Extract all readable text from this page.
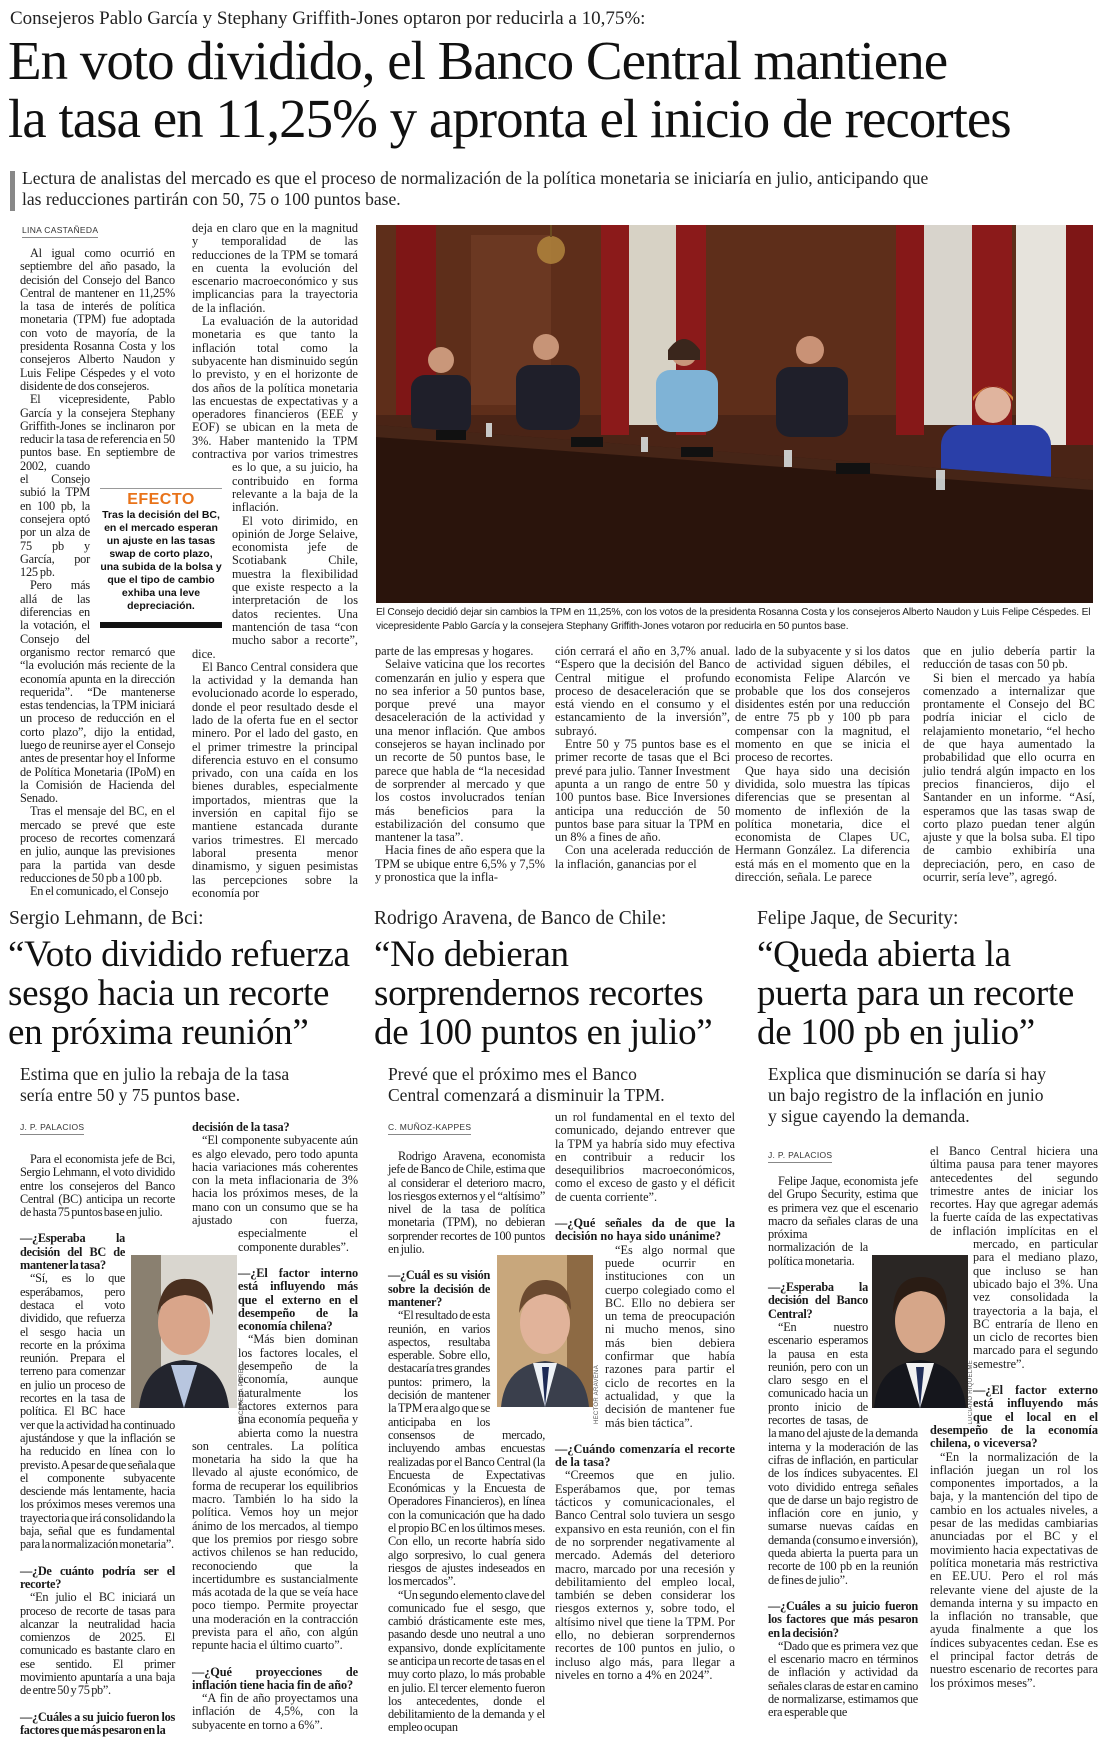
Consejeros Pablo García y Stephany Griffith-Jones optaron por reducirla a 10,75%:
En voto dividido, el Banco Central mantiene
la tasa en 11,25% y apronta el inicio de recortes
Lectura de analistas del mercado es que el proceso de normalización de la política monetaria se iniciaría en julio, anticipando que
las reducciones partirán con 50, 75 o 100 puntos base.
LINA CASTAÑEDA

Al igual como ocurrió en septiembre del año pasado, la decisión del Consejo del Banco Central de mantener en 11,25% la tasa de interés de política monetaria (TPM) fue adoptada con voto de mayoría, de la presidenta Rosanna Costa y los consejeros Alberto Naudon y Luis Felipe Céspedes y el voto disidente de dos consejeros.

El vicepresidente, Pablo García y la consejera Stephany Griffith-Jones se inclinaron por reducir la tasa de referencia en 50 puntos base. En septiembre de 2002, cuando el Consejo subió la TPM en 100 pb, la consejera optó por un alza de 75 pb y García, por 125 pb.

Pero más allá de las diferencias en la votación, el Consejo del organismo rector remarcó que “la evolución más reciente de la economía apunta en la dirección requerida”. “De mantenerse estas tendencias, la TPM iniciará un proceso de reducción en el corto plazo”, dijo la entidad, luego de reunirse ayer el Consejo antes de presentar hoy el Informe de Política Monetaria (IPoM) en la Comisión de Hacienda del Senado.

Tras el mensaje del BC, en el mercado se prevé que este proceso de recortes comenzará en julio, aunque las previsiones para la partida van desde reducciones de 50 pb a 100 pb.

En el comunicado, el Consejo

deja en claro que en la magnitud y temporalidad de las reducciones de la TPM se tomará en cuenta la evolución del escenario macroeconómico y sus implicancias para la trayectoria de la inflación.

La evaluación de la autoridad monetaria es que tanto la inflación total como la subyacente han disminuido según lo previsto, y en el horizonte de dos años de la política monetaria las encuestas de expectativas y a operadores financieros (EEE y EOF) se ubican en la meta de 3%. Haber mantenido la TPM contractiva por varios trimestres es lo que, a su juicio, ha contribuido en forma relevante a la baja de la inflación.

El voto dirimido, en opinión de Jorge Selaive, economista jefe de Scotiabank Chile, muestra la flexibilidad que existe respecto a la interpretación de los datos recientes. Una mantención de tasa “con mucho sabor a recorte”, dice.

El Banco Central considera que la actividad y la demanda han evolucionado acorde lo esperado, donde el peor resultado desde el lado de la oferta fue en el sector minero. Por el lado del gasto, en el primer trimestre la principal diferencia estuvo en el consumo privado, con una caída en los bienes durables, especialmente importados, mientras que la inversión en capital fijo se mantiene estancada durante varios trimestres. El mercado laboral presenta menor dinamismo, y siguen pesimistas las percepciones sobre la economía por

EFECTO
Tras la decisión del BC, en el mercado esperan un ajuste en las tasas swap de corto plazo, una subida de la bolsa y que el tipo de cambio exhiba una leve depreciación.
El Consejo decidió dejar sin cambios la TPM en 11,25%, con los votos de la presidenta Rosanna Costa y los consejeros Alberto Naudon y Luis Felipe Céspedes. El vicepresidente Pablo García y la consejera Stephany Griffith-Jones votaron por reducirla en 50 puntos base.

parte de las empresas y hogares.

Selaive vaticina que los recortes comenzarán en julio y espera que no sea inferior a 50 puntos base, porque prevé una mayor desaceleración de la actividad y una menor inflación. Que ambos consejeros se hayan inclinado por un recorte de 50 puntos base, le parece que habla de “la necesidad de sorprender al mercado y que los costos involucrados tenían más beneficios para la estabilización del consumo que mantener la tasa”.

Hacia fines de año espera que la TPM se ubique entre 6,5% y 7,5% y pronostica que la infla-

ción cerrará el año en 3,7% anual. “Espero que la decisión del Banco Central mitigue el profundo proceso de desaceleración que se está viendo en el consumo y el estancamiento de la inversión”, subrayó.

Entre 50 y 75 puntos base es el primer recorte de tasas que el Bci prevé para julio. Tanner Investment apunta a un rango de entre 50 y 100 puntos base. Bice Inversiones anticipa una reducción de 50 puntos base para situar la TPM en un 8% a fines de año.

Con una acelerada reducción de la inflación, ganancias por el

lado de la subyacente y si los datos de actividad siguen débiles, el economista Felipe Alarcón ve probable que los dos consejeros disidentes estén por una reducción de entre 75 pb y 100 pb para compensar con la magnitud, el momento en que se inicia el proceso de recortes.

Que haya sido una decisión dividida, solo muestra las típicas diferencias que se presentan al momento de inflexión de la política monetaria, dice el economista de Clapes UC, Hermann González. La diferencia está más en el momento que en la dirección, señala. Le parece

que en julio debería partir la reducción de tasas con 50 pb.

Si bien el mercado ya había comenzado a internalizar que prontamente el Consejo del BC podría iniciar el ciclo de relajamiento monetario, “el hecho de que haya aumentado la probabilidad que ello ocurra en julio tendrá algún impacto en los precios financieros, dijo el Santander en un informe. “Así, esperamos que las tasas swap de corto plazo puedan tener algún ajuste y que la bolsa suba. El tipo de cambio exhibiría una depreciación, pero, en caso de ocurrir, sería leve”, agregó.

Sergio Lehmann, de Bci:
“Voto dividido refuerza
sesgo hacia un recorte
en próxima reunión”
Estima que en julio la rebaja de la tasa
sería entre 50 y 75 puntos base.
J. P. PALACIOS

Para el economista jefe de Bci, Sergio Lehmann, el voto dividido entre los consejeros del Banco Central (BC) anticipa un recorte de hasta 75 puntos base en julio.

—¿Esperaba la decisión del BC de mantener la tasa?

“Sí, es lo que esperábamos, pero destaca el voto dividido, que refuerza el sesgo hacia un recorte en la próxima reunión. Prepara el terreno para comenzar en julio un proceso de recortes en la tasa de política. El BC hace ver que la actividad ha continuado ajustándose y que la inflación se ha reducido en línea con lo previsto. A pesar de que señala que el componente subyacente desciende más lentamente, hacia los próximos meses veremos una trayectoria que irá consolidando la baja, señal que es fundamental para la normalización monetaria”.

—¿De cuánto podría ser el recorte?

“En julio el BC iniciará un proceso de recorte de tasas para alcanzar la neutralidad hacia comienzos de 2025. El comunicado es bastante claro en ese sentido. El primer movimiento apuntaría a una baja de entre 50 y 75 pb”.

—¿Cuáles a su juicio fueron los factores que más pesaron en la

decisión de la tasa?

“El componente subyacente aún es algo elevado, pero todo apunta hacia variaciones más coherentes con la meta inflacionaria de 3% hacia los próximos meses, de la mano con un consumo que se ha ajustado con fuerza, especialmente el componente durables”.

—¿El factor interno está influyendo más que el externo en el desempeño de la economía chilena?

“Más bien dominan los factores locales, el desempeño de la economía, aunque naturalmente los factores externos para una economía pequeña y abierta como la nuestra son centrales. La política monetaria ha sido la que ha llevado al ajuste económico, de forma de recuperar los equilibrios macro. También lo ha sido la política. Vemos hoy un mejor ánimo de los mercados, al tiempo que los premios por riesgo sobre activos chilenos se han reducido, reconociendo que la incertidumbre es sustancialmente más acotada de la que se veía hace poco tiempo. Permite proyectar una moderación en la contracción prevista para el año, con algún repunte hacia el último cuarto”.

—¿Qué proyecciones de inflación tiene hacia fin de año?

“A fin de año proyectamos una inflación de 4,5%, con la subyacente en torno a 6%”.

MACARENA PÉREZ
Rodrigo Aravena, de Banco de Chile:
“No debieran
sorprendernos recortes
de 100 puntos en julio”
Prevé que el próximo mes el Banco
Central comenzará a disminuir la TPM.
C. MUÑOZ-KAPPES

Rodrigo Aravena, economista jefe de Banco de Chile, estima que al considerar el deterioro macro, los riesgos externos y el “altísimo” nivel de la tasa de política monetaria (TPM), no debieran sorprender recortes de 100 puntos en julio.

—¿Cuál es su visión sobre la decisión de mantener?

“El resultado de esta reunión, en varios aspectos, resultaba esperable. Sobre ello, destacaría tres grandes puntos: primero, la decisión de mantener la TPM era algo que se anticipaba en los consensos de mercado, incluyendo ambas encuestas realizadas por el Banco Central (la Encuesta de Expectativas Económicas y la Encuesta de Operadores Financieros), en línea con la comunicación que ha dado el propio BC en los últimos meses. Con ello, un recorte habría sido algo sorpresivo, lo cual genera riesgos de ajustes indeseados en los mercados”.

“Un segundo elemento clave del comunicado fue el sesgo, que cambió drásticamente este mes, pasando desde uno neutral a uno expansivo, donde explícitamente se anticipa un recorte de tasas en el muy corto plazo, lo más probable en julio. El tercer elemento fueron los antecedentes, donde el debilitamiento de la demanda y el empleo ocupan

un rol fundamental en el texto del comunicado, dejando entrever que la TPM ya habría sido muy efectiva en contribuir a reducir los desequilibrios macroeconómicos, como el exceso de gasto y el déficit de cuenta corriente”.

—¿Qué señales da de que la decisión no haya sido unánime?

“Es algo normal que puede ocurrir en instituciones con un cuerpo colegiado como el BC. Ello no debiera ser un tema de preocupación ni mucho menos, sino más bien debiera confirmar que había razones para partir el ciclo de recortes en la actualidad, y que la decisión de mantener fue más bien táctica”.

—¿Cuándo comenzaría el recorte de la tasa?

“Creemos que en julio. Esperábamos que, por temas tácticos y comunicacionales, el Banco Central solo tuviera un sesgo expansivo en esta reunión, con el fin de no sorprender negativamente al mercado. Además del deterioro macro, marcado por una recesión y debilitamiento del empleo local, también se deben considerar los riesgos externos y, sobre todo, el altísimo nivel que tiene la TPM. Por ello, no debieran sorprendernos recortes de 100 puntos en julio, o incluso algo más, para llegar a niveles en torno a 4% en 2024”.

HÉCTOR ARAVENA
Felipe Jaque, de Security:
“Queda abierta la
puerta para un recorte
de 100 pb en julio”
Explica que disminución se daría si hay
un bajo registro de la inflación en junio
y sigue cayendo la demanda.
J. P. PALACIOS

Felipe Jaque, economista jefe del Grupo Security, estima que es primera vez que el escenario macro da señales claras de una próxima normalización de la política monetaria.

—¿Esperaba la decisión del Banco Central?

“En nuestro escenario esperamos la pausa en esta reunión, pero con un claro sesgo en el comunicado hacia un pronto inicio de recortes de tasas, de la mano del ajuste de la demanda interna y la moderación de las cifras de inflación, en particular de los índices subyacentes. El voto dividido entrega señales que de darse un bajo registro de inflación core en junio, y sumarse nuevas caídas en demanda (consumo e inversión), queda abierta la puerta para un recorte de 100 pb en la reunión de fines de julio”.

—¿Cuáles a su juicio fueron los factores que más pesaron en la decisión?

“Dado que es primera vez que el escenario macro en términos de inflación y actividad da señales claras de estar en camino de normalizarse, estimamos que era esperable que

el Banco Central hiciera una última pausa para tener mayores antecedentes del segundo trimestre antes de iniciar los recortes. Hay que agregar además la fuerte caída de las expectativas de inflación implícitas en el mercado, en particular para el mediano plazo, que incluso se han ubicado bajo el 3%. Una vez consolidada la trayectoria a la baja, el BC entraría de lleno en un ciclo de recortes bien marcado para el segundo semestre”.

—¿El factor externo está influyendo más que el local en el desempeño de la economía chilena, o viceversa?

“En la normalización de la inflación juegan un rol los componentes importados, a la baja, y la mantención del tipo de cambio en los actuales niveles, a pesar de las medidas cambiarias anunciadas por el BC y el movimiento hacia expectativas de política monetaria más restrictiva en EE.UU. Pero el rol más relevante viene del ajuste de la demanda interna y su impacto en la inflación no transable, que ayuda finalmente a que los índices subyacentes cedan. Ese es el principal factor detrás de nuestro escenario de recortes para los próximos meses”.

LUCIANO RIQUELME
